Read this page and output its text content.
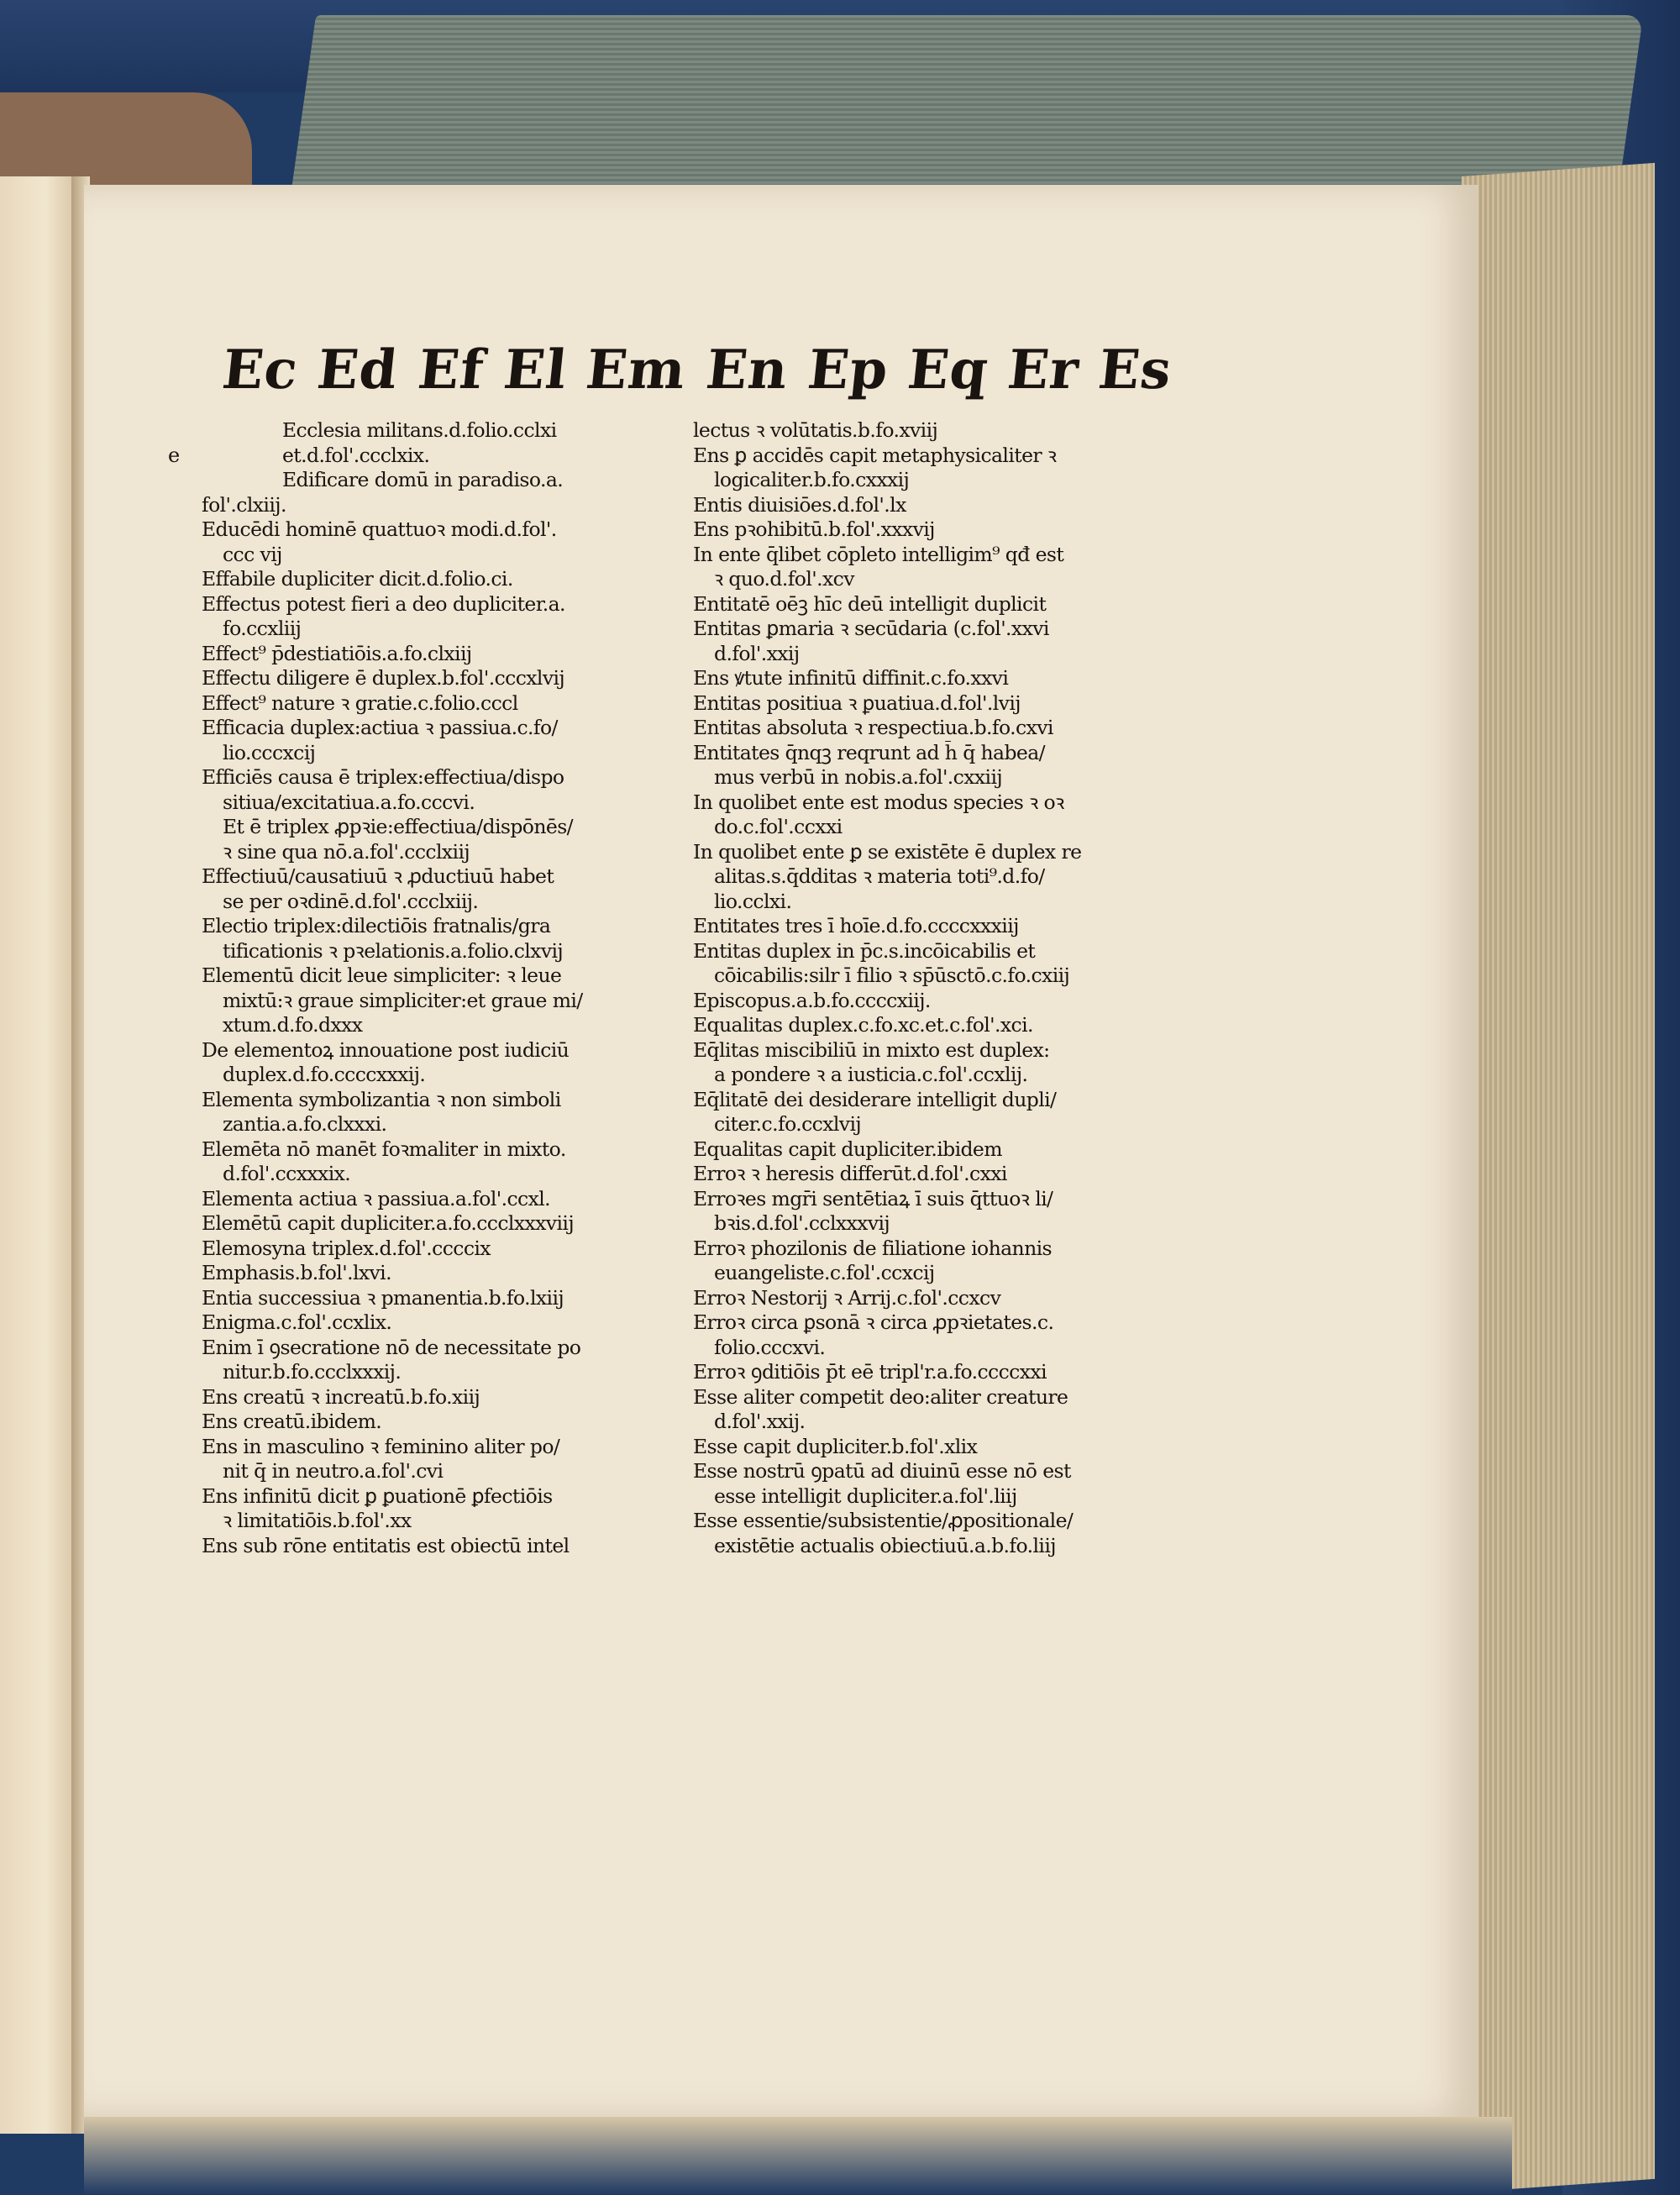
Ec Ed Ef El Em En Ep Eq Er Es
e
Ecclesia militans.d.folio.cclxi
et.d.fol'.ccclxix.
Edificare domū in paradiso.a.
fol'.clxiij.
Educēdi hominē quattuoꝛ modi.d.fol'.
ccc vij
Effabile dupliciter dicit.d.folio.ci.
Effectus potest fieri a deo dupliciter.a.
fo.ccxliij
Effect⁹ p̄destiatiōis.a.fo.clxiij
Effectu diligere ē duplex.b.fol'.cccxlvij
Effect⁹ nature ꝛ gratie.c.folio.cccl
Efficacia duplex:actiua ꝛ passiua.c.fo/
lio.cccxcij
Efficiēs causa ē triplex:effectiua/dispo
sitiua/excitatiua.a.fo.cccvi.
Et ē triplex ꝓpꝛie:effectiua/dispōnēs/
ꝛ sine qua nō.a.fol'.ccclxiij
Effectiuū/causatiuū ꝛ ꝓductiuū habet
se per oꝛdinē.d.fol'.ccclxiij.
Electio triplex:dilectiōis fratnalis/gra
tificationis ꝛ pꝛelationis.a.folio.clxvij
Elementū dicit leue simpliciter: ꝛ leue
mixtū:ꝛ graue simpliciter:et graue mi/
xtum.d.fo.dxxx
De elementoꝝ innouatione post iudiciū
duplex.d.fo.ccccxxxij.
Elementa symbolizantia ꝛ non simboli
zantia.a.fo.clxxxi.
Elemēta nō manēt foꝛmaliter in mixto.
d.fol'.ccxxxix.
Elementa actiua ꝛ passiua.a.fol'.ccxl.
Elemētū capit dupliciter.a.fo.ccclxxxviij
Elemosyna triplex.d.fol'.ccccix
Emphasis.b.fol'.lxvi.
Entia successiua ꝛ pmanentia.b.fo.lxiij
Enigma.c.fol'.ccxlix.
Enim ī ꝯsecratione nō de necessitate po
nitur.b.fo.ccclxxxij.
Ens creatū ꝛ increatū.b.fo.xiij
Ens creatū.ibidem.
Ens in masculino ꝛ feminino aliter po/
nit q̄ in neutro.a.fol'.cvi
Ens infinitū dicit ꝑ ꝑuationē ꝑfectiōis
ꝛ limitatiōis.b.fol'.xx
Ens sub rōne entitatis est obiectū intel
lectus ꝛ volūtatis.b.fo.xviij
Ens ꝑ accidēs capit metaphysicaliter ꝛ
logicaliter.b.fo.cxxxij
Entis diuisiōes.d.fol'.lx
Ens pꝛohibitū.b.fol'.xxxvij
In ente q̄libet cōpleto intelligim⁹ qđ est
ꝛ quo.d.fol'.xcv
Entitatē oēꝫ hīc deū intelligit duplicit
Entitas ꝑmaria ꝛ secūdaria (c.fol'.xxvi
d.fol'.xxij
Ens ꝟtute infinitū diffinit.c.fo.xxvi
Entitas positiua ꝛ ꝑuatiua.d.fol'.lvij
Entitas absoluta ꝛ respectiua.b.fo.cxvi
Entitates q̄nqꝫ reqrunt ad h̄ q̄ habea/
mus verbū in nobis.a.fol'.cxxiij
In quolibet ente est modus species ꝛ oꝛ
do.c.fol'.ccxxi
In quolibet ente ꝑ se existēte ē duplex re
alitas.s.q̄dditas ꝛ materia toti⁹.d.fo/
lio.cclxi.
Entitates tres ī hoīe.d.fo.ccccxxxiij
Entitas duplex in p̄c.s.incōicabilis et
cōicabilis:silr ī filio ꝛ sp̄ūsctō.c.fo.cxiij
Episcopus.a.b.fo.ccccxiij.
Equalitas duplex.c.fo.xc.et.c.fol'.xci.
Eq̄litas miscibiliū in mixto est duplex:
a pondere ꝛ a iusticia.c.fol'.ccxlij.
Eq̄litatē dei desiderare intelligit dupli/
citer.c.fo.ccxlvij
Equalitas capit dupliciter.ibidem
Erroꝛ ꝛ heresis differūt.d.fol'.cxxi
Erroꝛes mgr̄i sentētiaꝝ ī suis q̄ttuoꝛ li/
bꝛis.d.fol'.cclxxxvij
Erroꝛ phozilonis de filiatione iohannis
euangeliste.c.fol'.ccxcij
Erroꝛ Nestorij ꝛ Arrij.c.fol'.ccxcv
Erroꝛ circa ꝑsonā ꝛ circa ꝓpꝛietates.c.
folio.cccxvi.
Erroꝛ ꝯditiōis p̄t eē tripl'r.a.fo.ccccxxi
Esse aliter competit deo:aliter creature
d.fol'.xxij.
Esse capit dupliciter.b.fol'.xlix
Esse nostrū ꝯpatū ad diuinū esse nō est
esse intelligit dupliciter.a.fol'.liij
Esse essentie/subsistentie/ꝓpositionale/
existētie actualis obiectiuū.a.b.fo.liij
